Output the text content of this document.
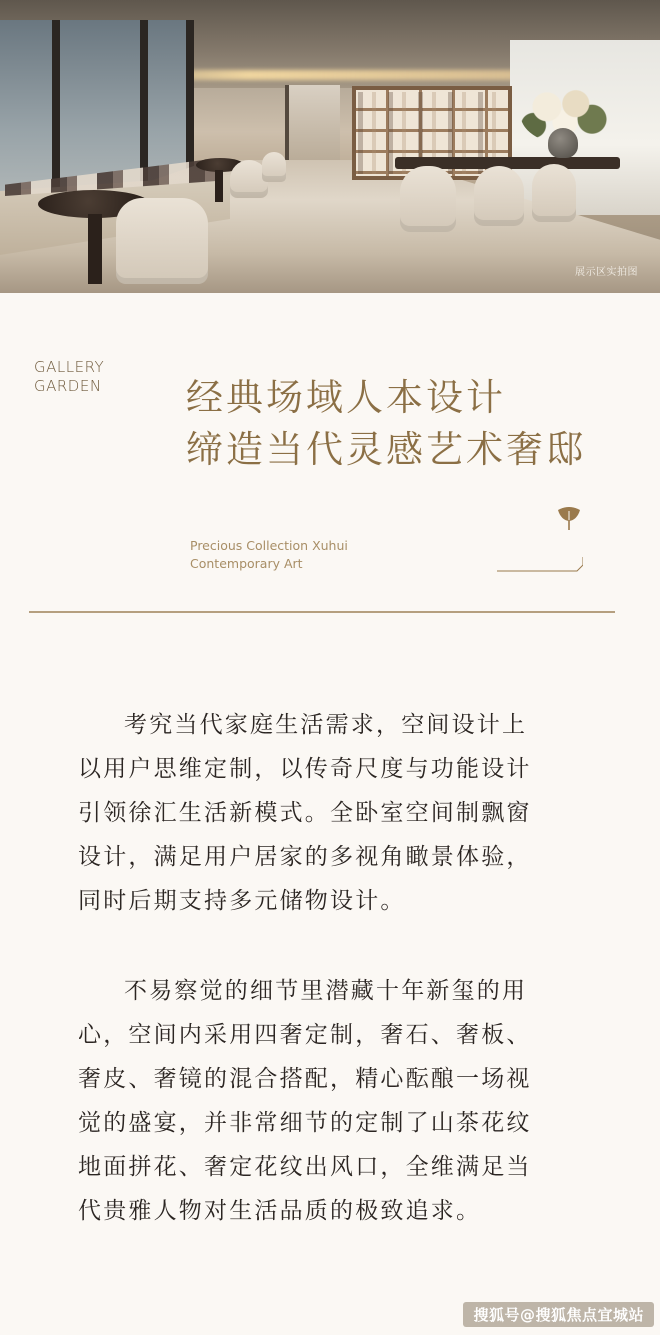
展示区实拍图
GALLERY
GARDEN	经典场域人本设计
缔造当代灵感艺术奢邸
Precious Collection Xuhui
Contemporary Art
考究当代家庭生活需求，空间设计上
以用户思维定制，以传奇尺度与功能设计
引领徐汇生活新模式。全卧室空间制飘窗
设计，满足用户居家的多视角瞰景体验，
同时后期支持多元储物设计。
不易察觉的细节里潜藏十年新玺的用
心，空间内采用四奢定制，奢石、奢板、
奢皮、奢镜的混合搭配，精心酝酿一场视
觉的盛宴，并非常细节的定制了山茶花纹
地面拼花、奢定花纹出风口，全维满足当
代贵雅人物对生活品质的极致追求。
搜狐号@搜狐焦点宜城站
